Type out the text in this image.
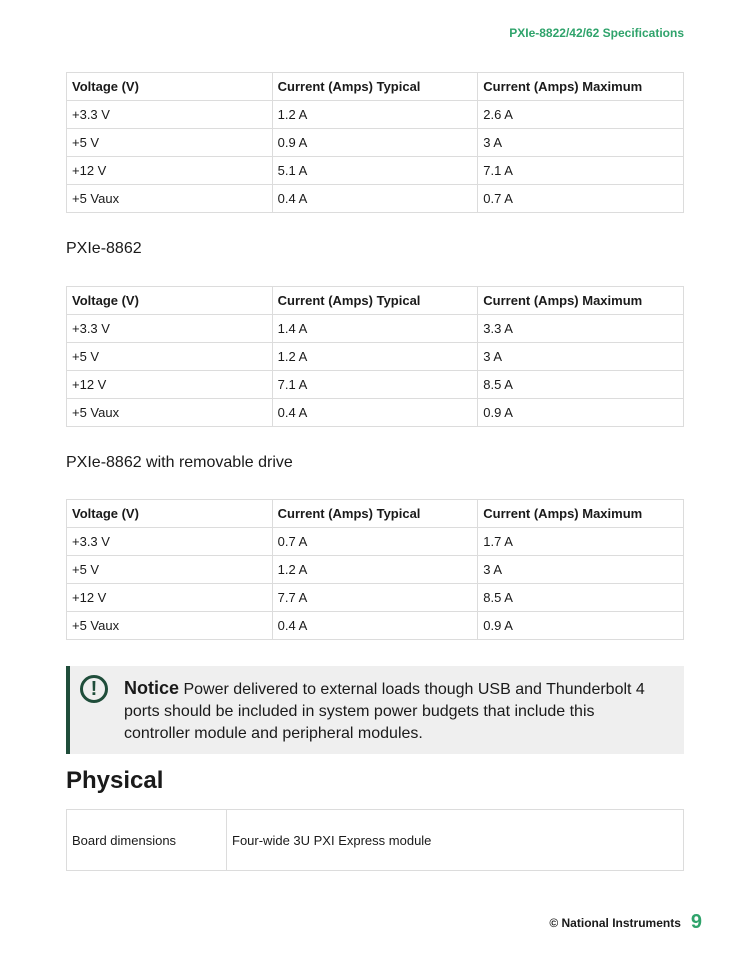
PXIe-8822/42/62 Specifications
Voltage (V)	Current (Amps) Typical	Current (Amps) Maximum
+3.3 V	1.2 A	2.6 A
+5 V	0.9 A	3 A
+12 V	5.1 A	7.1 A
+5 Vaux	0.4 A	0.7 A
PXIe-8862
Voltage (V)	Current (Amps) Typical	Current (Amps) Maximum
+3.3 V	1.4 A	3.3 A
+5 V	1.2 A	3 A
+12 V	7.1 A	8.5 A
+5 Vaux	0.4 A	0.9 A
PXIe-8862 with removable drive
Voltage (V)	Current (Amps) Typical	Current (Amps) Maximum
+3.3 V	0.7 A	1.7 A
+5 V	1.2 A	3 A
+12 V	7.7 A	8.5 A
+5 Vaux	0.4 A	0.9 A
!	Notice Power delivered to external loads though USB and Thunderbolt 4 ports should be included in system power budgets that include this controller module and peripheral modules.
Physical
Board dimensions	Four-wide 3U PXI Express module
© National Instruments 9
